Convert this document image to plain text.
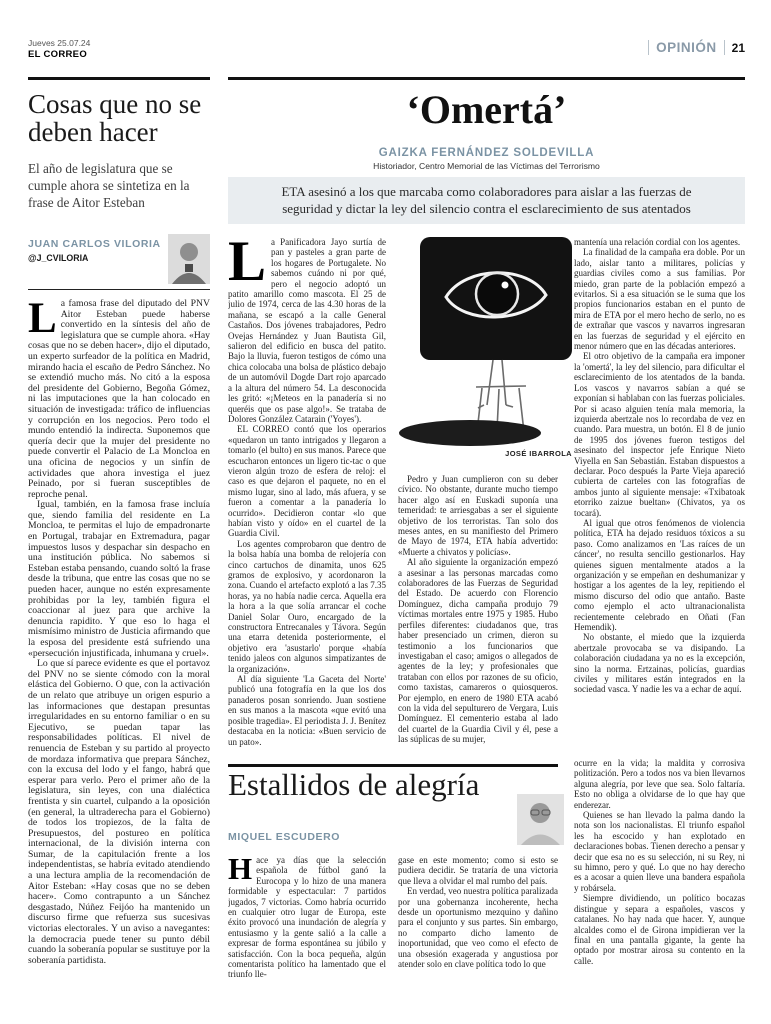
Jueves 25.07.24
EL CORREO	OPINIÓN 21
Cosas que no se deben hacer
El año de legislatura que se cumple ahora se sintetiza en la frase de Aitor Esteban
JUAN CARLOS VILORIA
@J_CVILORIA

La famosa frase del diputado del PNV Aitor Esteban puede haberse convertido en la síntesis del año de legislatura que se cumple ahora. «Hay cosas que no se deben hacer», dijo el diputado, un experto surfeador de la política en Madrid, mirando hacia el escaño de Pedro Sánchez. No se extendió mucho más. No citó a la esposa del presidente del Gobierno, Begoña Gómez, ni las imputaciones que la han colocado en situación de investigada: tráfico de influencias y corrupción en los negocios. Pero todo el mundo entendió la indirecta. Suponemos que quería decir que la mujer del presidente no puede convertir el Palacio de La Moncloa en una oficina de negocios y un sinfín de actividades que ahora investiga el juez Peinado, por si fueran susceptibles de reproche penal.

Igual, también, en la famosa frase incluía que, siendo familia del residente en La Moncloa, te permitas el lujo de empadronarte en Portugal, trabajar en Extremadura, pagar impuestos lusos y despachar sin despacho en una institución pública. No sabemos si Esteban estaba pensando, cuando soltó la frase desde la tribuna, que entre las cosas que no se pueden hacer, aunque no estén expresamente prohibidas por la ley, también figura el coaccionar al juez para que archive la denuncia rapidito. Y que eso lo haga el mismísimo ministro de Justicia afirmando que la esposa del presidente está sufriendo una «persecución injustificada, inhumana y cruel».

Lo que sí parece evidente es que el portavoz del PNV no se siente cómodo con la moral elástica del Gobierno. O que, con la activación de un relato que atribuye un origen espurio a las informaciones que destapan presuntas irregularidades en su entorno familiar o en su Ejecutivo, se puedan tapar las responsabilidades políticas. El nivel de renuencia de Esteban y su partido al proyecto de mordaza informativa que prepara Sánchez, con la excusa del lodo y el fango, habrá que esperar para verlo. Pero el primer año de la legislatura, sin leyes, con una dialéctica frentista y sin cuartel, culpando a la oposición (en general, la ultraderecha para el Gobierno) de todos los tropiezos, de la falta de Presupuestos, del postureo en política internacional, de la división interna con Sumar, de la capitulación frente a los independentistas, se habría evitado atendiendo a una lectura amplia de la recomendación de Aitor Esteban: «Hay cosas que no se deben hacer». Como contrapunto a un Sánchez desgastado, Núñez Feijóo ha mantenido un discurso firme que refuerza sus sucesivas victorias electorales. Y un aviso a navegantes: la democracia puede tener su punto débil cuando la soberanía popular se sustituye por la soberanía partidista.

‘Omertá’
GAIZKA FERNÁNDEZ SOLDEVILLA
Historiador, Centro Memorial de las Víctimas del Terrorismo
ETA asesinó a los que marcaba como colaboradores para aislar a las fuerzas de seguridad y dictar la ley del silencio contra el esclarecimiento de sus atentados

La Panificadora Jayo surtía de pan y pasteles a gran parte de los hogares de Portugalete. No sabemos cuándo ni por qué, pero el negocio adoptó un patito amarillo como mascota. El 25 de julio de 1974, cerca de las 4.30 horas de la mañana, se escapó a la calle General Castaños. Dos jóvenes trabajadores, Pedro Ovejas Hernández y Juan Bautista Gil, salieron del edificio en busca del patito. Bajo la lluvia, fueron testigos de cómo una chica colocaba una bolsa de plástico debajo de un automóvil Dogde Dart rojo aparcado a la altura del número 54. La desconocida les gritó: «¡Meteos en la panadería si no queréis que os pase algo!». Se trataba de Dolores González Catarain ('Yoyes').

EL CORREO contó que los operarios «quedaron un tanto intrigados y llegaron a tomarlo (el bulto) en sus manos. Parece que escucharon entonces un ligero tic-tac o que vieron algún trozo de esfera de reloj: el caso es que dejaron el paquete, no en el mismo lugar, sino al lado, más afuera, y se fueron a comentar a la panadería lo ocurrido». Decidieron contar «lo que habían visto y oído» en el cuartel de la Guardia Civil.

Los agentes comprobaron que dentro de la bolsa había una bomba de relojería con cinco cartuchos de dinamita, unos 625 gramos de explosivo, y acordonaron la zona. Cuando el artefacto explotó a las 7.35 horas, ya no había nadie cerca. Aquella era la hora a la que solía arrancar el coche Daniel Solar Ouro, encargado de la constructora Entrecanales y Távora. Según una etarra detenida posteriormente, el objetivo era 'asustarlo' porque «había tenido jaleos con algunos simpatizantes de la organización».

Al día siguiente 'La Gaceta del Norte' publicó una fotografía en la que los dos panaderos posan sonriendo. Juan sostiene en sus manos a la mascota «que evitó una posible tragedia». El periodista J. J. Benítez destacaba en la noticia: «Buen servicio de un pato».

JOSÉ IBARROLA

Pedro y Juan cumplieron con su deber cívico. No obstante, durante mucho tiempo hacer algo así en Euskadi suponía una temeridad: te arriesgabas a ser el siguiente objetivo de los terroristas. Tan solo dos meses antes, en su manifiesto del Primero de Mayo de 1974, ETA había advertido: «Muerte a chivatos y policías».

Al año siguiente la organización empezó a asesinar a las personas marcadas como colaboradores de las Fuerzas de Seguridad del Estado. De acuerdo con Florencio Domínguez, dicha campaña produjo 79 víctimas mortales entre 1975 y 1985. Hubo perfiles diferentes: ciudadanos que, tras haber presenciado un crimen, dieron su testimonio a los funcionarios que investigaban el caso; amigos o allegados de agentes de la ley; y profesionales que trataban con ellos por razones de su oficio, como taxistas, camareros o quiosqueros. Por ejemplo, en enero de 1980 ETA acabó con la vida del sepulturero de Vergara, Luis Domínguez. El cementerio estaba al lado del cuartel de la Guardia Civil y él, pese a las súplicas de su mujer,

mantenía una relación cordial con los agentes.

La finalidad de la campaña era doble. Por un lado, aislar tanto a militares, policías y guardias civiles como a sus familias. Por miedo, gran parte de la población empezó a evitarlos. Si a esa situación se le suma que los propios funcionarios estaban en el punto de mira de ETA por el mero hecho de serlo, no es de extrañar que vascos y navarros ingresaran en las fuerzas de seguridad y el ejército en menor número que en las décadas anteriores.

El otro objetivo de la campaña era imponer la 'omertá', la ley del silencio, para dificultar el esclarecimiento de los atentados de la banda. Los vascos y navarros sabían a qué se exponían si hablaban con las fuerzas policiales. Por si acaso alguien tenía mala memoria, la izquierda abertzale nos lo recordaba de vez en cuando. Para muestra, un botón. El 8 de junio de 1995 dos jóvenes fueron testigos del asesinato del inspector jefe Enrique Nieto Viyella en San Sebastián. Estaban dispuestos a declarar. Poco después la Parte Vieja apareció cubierta de carteles con las fotografías de ambos junto al siguiente mensaje: «Txibatoak etorriko zaizue bueltan» (Chivatos, ya os tocará).

Al igual que otros fenómenos de violencia política, ETA ha dejado residuos tóxicos a su paso. Como analizamos en 'Las raíces de un cáncer', no resulta sencillo gestionarlos. Hay quienes siguen mentalmente atados a la organización y se empeñan en deshumanizar y hostigar a los agentes de la ley, repitiendo el mismo discurso del odio que antaño. Baste como ejemplo el acto ultranacionalista recientemente celebrado en Oñati (Fan Hemendik).

No obstante, el miedo que la izquierda abertzale provocaba se va disipando. La colaboración ciudadana ya no es la excepción, sino la norma. Ertzainas, policías, guardias civiles y militares están integrados en la sociedad vasca. Y nadie les va a echar de aquí.

Estallidos de alegría
MIQUEL ESCUDERO

Hace ya días que la selección española de fútbol ganó la Eurocopa y lo hizo de una manera formidable y espectacular: 7 partidos jugados, 7 victorias. Como habría ocurrido en cualquier otro lugar de Europa, este éxito provocó una inundación de alegría y entusiasmo y la gente salió a la calle a expresar de forma espontánea su júbilo y satisfacción. Con la boca pequeña, algún comentarista político ha lamentado que el triunfo lle-

gase en este momento; como si esto se pudiera decidir. Se trataría de una victoria que lleva a olvidar el mal rumbo del país.

En verdad, veo nuestra política paralizada por una gobernanza incoherente, hecha desde un oportunismo mezquino y dañino para el conjunto y sus partes. Sin embargo, no comparto dicho lamento de inoportunidad, que veo como el efecto de una obsesión exagerada y angustiosa por atender solo en clave política todo lo que

ocurre en la vida; la maldita y corrosiva politización. Pero a todos nos va bien llevarnos alguna alegría, por leve que sea. Solo faltaría. Esto no obliga a olvidarse de lo que hay que enderezar.

Quienes se han llevado la palma dando la nota son los nacionalistas. El triunfo español les ha escocido y han explotado en declaraciones bobas. Tienen derecho a pensar y decir que esa no es su selección, ni su Rey, ni su himno, pero y qué. Lo que no hay derecho es a acosar a quien lleve una bandera española y robársela.

Siempre dividiendo, un político bocazas distingue y separa a españoles, vascos y catalanes. No hay nada que hacer. Y, aunque alcaldes como el de Girona impidieran ver la final en una pantalla gigante, la gente ha optado por mostrar airosa su contento en la calle.
